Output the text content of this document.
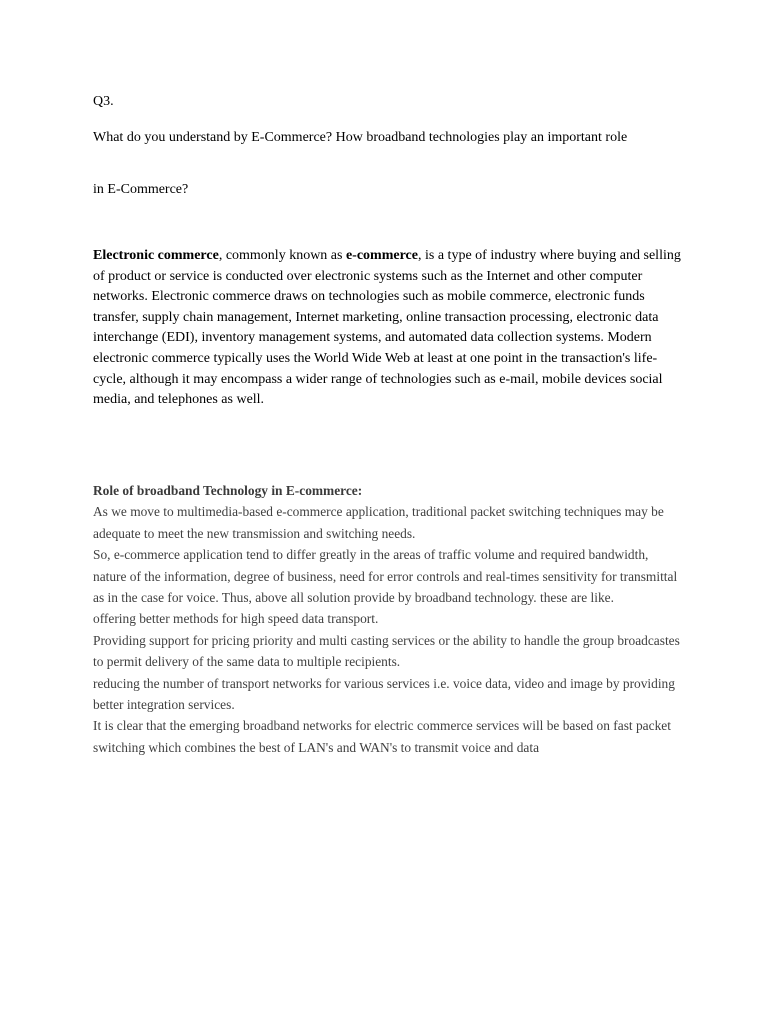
Q3.
What do you understand by E-Commerce? How broadband technologies play an important role
in E-Commerce?
Electronic commerce, commonly known as e-commerce, is a type of industry where buying and selling of product or service is conducted over electronic systems such as the Internet and other computer networks. Electronic commerce draws on technologies such as mobile commerce, electronic funds transfer, supply chain management, Internet marketing, online transaction processing, electronic data interchange (EDI), inventory management systems, and automated data collection systems. Modern electronic commerce typically uses the World Wide Web at least at one point in the transaction's life-cycle, although it may encompass a wider range of technologies such as e-mail, mobile devices social media, and telephones as well.
Role of broadband Technology in E-commerce:
As we move to multimedia-based e-commerce application, traditional packet switching techniques may be adequate to meet the new transmission and switching needs.
So, e-commerce application tend to differ greatly in the areas of traffic volume and required bandwidth, nature of the information, degree of business, need for error controls and real-times sensitivity for transmittal as in the case for voice. Thus, above all solution provide by broadband technology. these are like.
offering better methods for high speed data transport.
Providing support for pricing priority and multi casting services or the ability to handle the group broadcastes to permit delivery of the same data to multiple recipients.
reducing the number of transport networks for various services i.e. voice data, video and image by providing better integration services.
It is clear that the emerging broadband networks for electric commerce services will be based on fast packet switching which combines the best of LAN's and WAN's to transmit voice and data
